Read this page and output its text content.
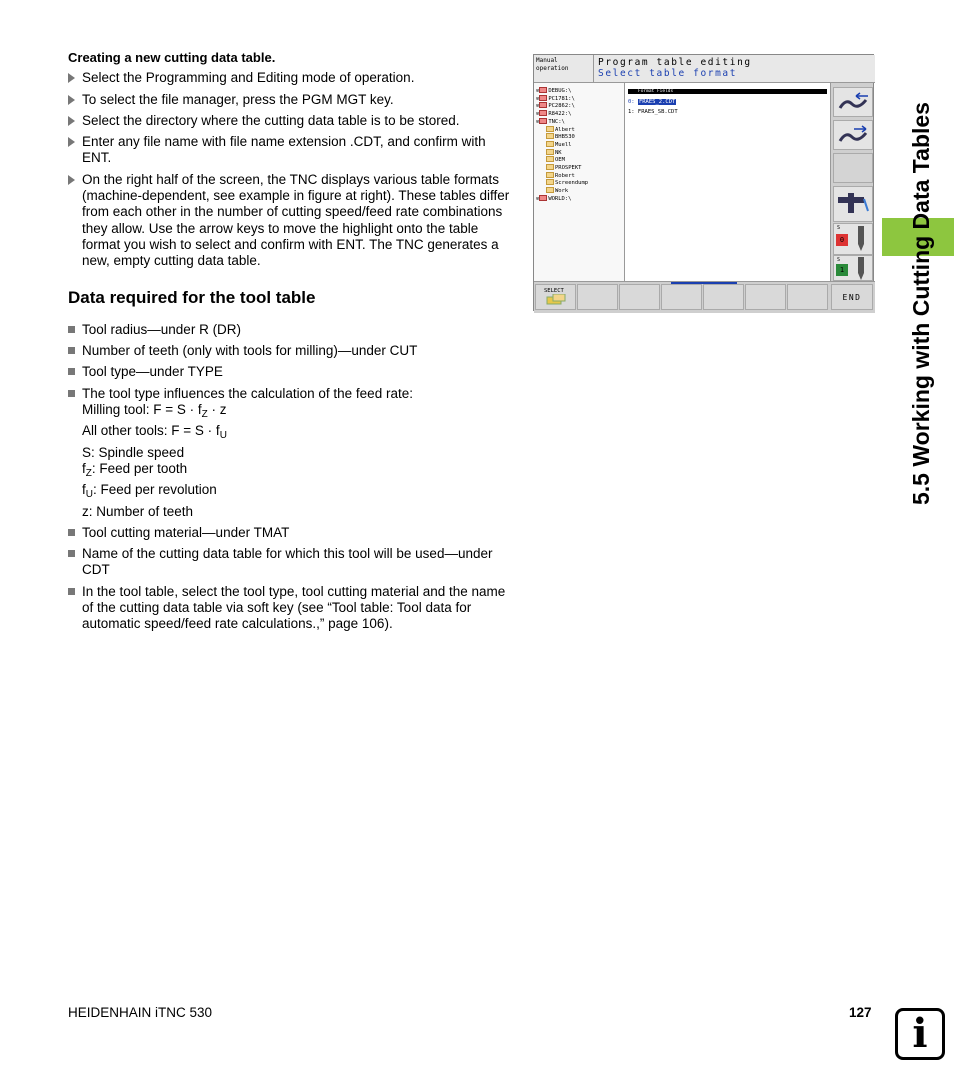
Creating a new cutting data table.
Select the Programming and Editing mode of operation.
To select the file manager, press the PGM MGT key.
Select the directory where the cutting data table is to be stored.
Enter any file name with file name extension .CDT, and confirm with ENT.
On the right half of the screen, the TNC displays various table formats (machine-dependent, see example in figure at right). These tables differ from each other in the number of cutting speed/feed rate combinations they allow. Use the arrow keys to move the highlight onto the table format you wish to select and confirm with ENT. The TNC generates a new, empty cutting data table.
Data required for the tool table
Tool radius—under R (DR)
Number of teeth (only with tools for milling)—under CUT
Tool type—under TYPE
The tool type influences the calculation of the feed rate:
Milling tool: $F = S \cdot f_Z \cdot z$
All other tools: $F = S \cdot f_U$
S: Spindle speed
$f_Z$: Feed per tooth
$f_U$: Feed per revolution
z: Number of teeth
Tool cutting material—under TMAT
Name of the cutting data table for which this tool will be used—under CDT
In the tool table, select the tool type, tool cutting material and the name of the cutting data table via soft key (see “Tool table: Tool data for automatic speed/feed rate calculations.,” page 106).
Manual
operation
Program table editing
Select table format
⊙ DEBUG:\
⊙ PC1781:\
⊙ PC2862:\
⊙ R8422:\
⊙ TNC:\
Albert
BHB530
Muell
NK
OEM
PROSPEKT
Robert
Screendump
Work
⊙ WORLD:\
Format Fields
0: FRAES_2.CDT
1: FRAES_SB.CDT
S
0
S
1
SELECT
END	5.5 Working with Cutting Data Tables
HEIDENHAIN iTNC 530	127 i
